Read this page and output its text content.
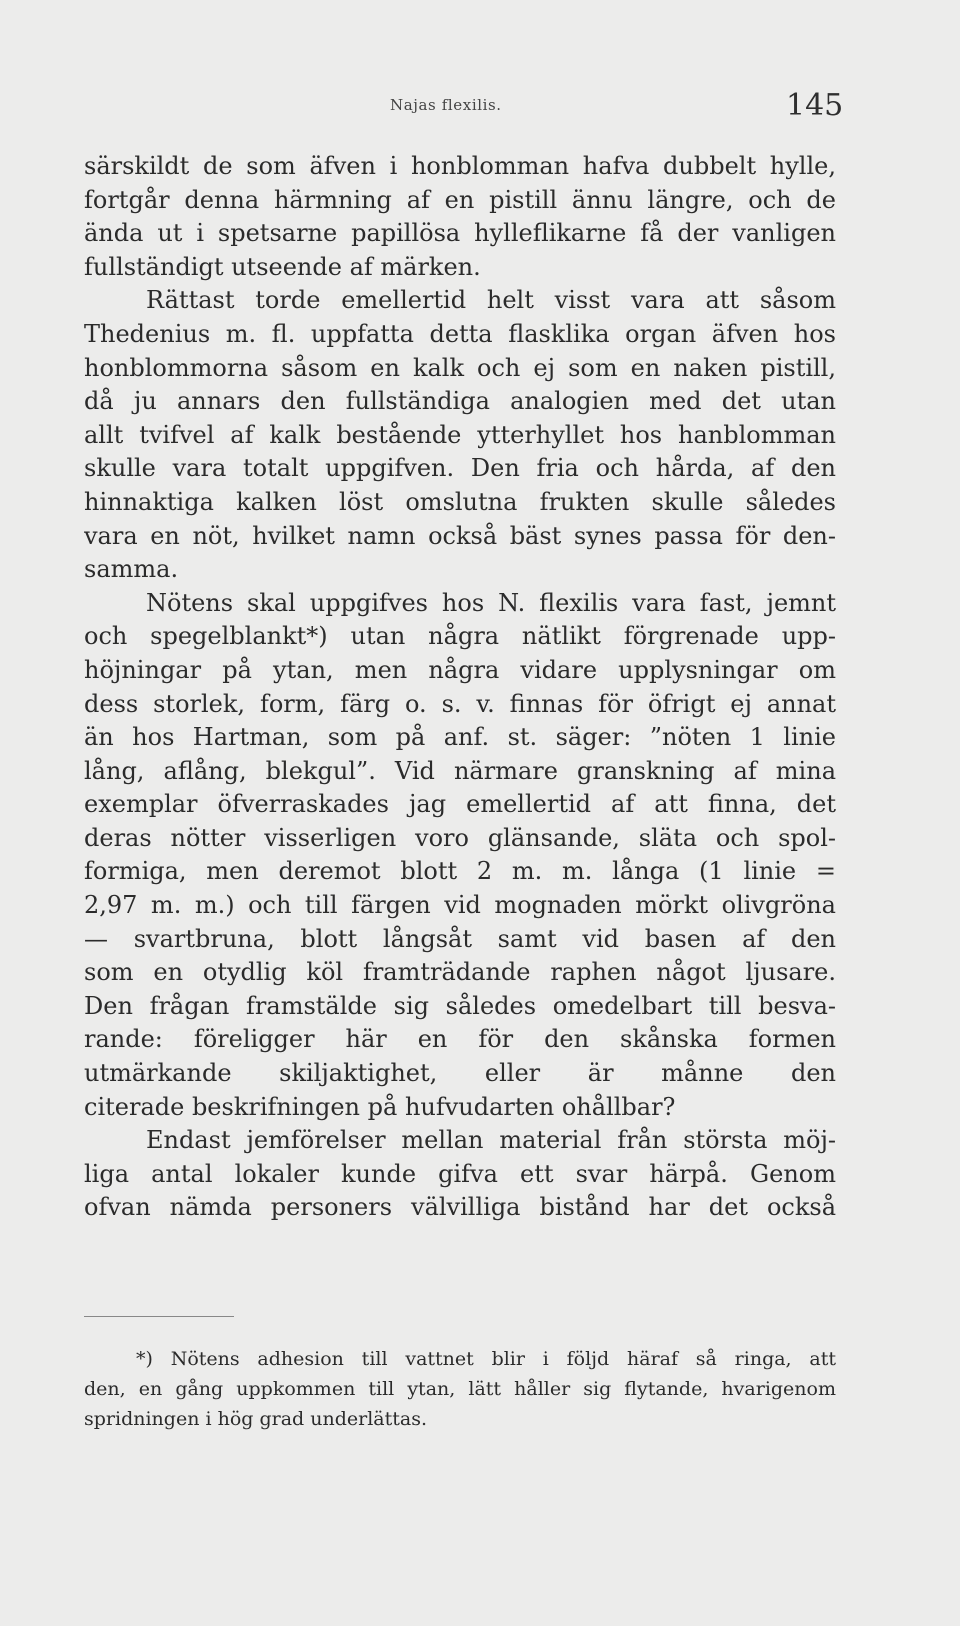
Najas flexilis.	145
särskildt de som äfven i honblomman hafva dubbelt hylle,
fortgår denna härmning af en pistill ännu längre, och de
ända ut i spetsarne papillösa hylleflikarne få der vanligen
fullständigt utseende af märken.
Rättast torde emellertid helt visst vara att såsom
Thedenius m. fl. uppfatta detta flasklika organ äfven hos
honblommorna såsom en kalk och ej som en naken pistill,
då ju annars den fullständiga analogien med det utan
allt tvifvel af kalk bestående ytterhyllet hos hanblomman
skulle vara totalt uppgifven. Den fria och hårda, af den
hinnaktiga kalken löst omslutna frukten skulle således
vara en nöt, hvilket namn också bäst synes passa för den-
samma.
Nötens skal uppgifves hos N. flexilis vara fast, jemnt
och spegelblankt*) utan några nätlikt förgrenade upp-
höjningar på ytan, men några vidare upplysningar om
dess storlek, form, färg o. s. v. finnas för öfrigt ej annat
än hos Hartman, som på anf. st. säger: ”nöten 1 linie
lång, aflång, blekgul”. Vid närmare granskning af mina
exemplar öfverraskades jag emellertid af att finna, det
deras nötter visserligen voro glänsande, släta och spol-
formiga, men deremot blott 2 m. m. långa (1 linie =
2,97 m. m.) och till färgen vid mognaden mörkt olivgröna
— svartbruna, blott långsåt samt vid basen af den
som en otydlig köl framträdande raphen något ljusare.
Den frågan framstälde sig således omedelbart till besva-
rande: föreligger här en för den skånska formen
utmärkande skiljaktighet, eller är månne den
citerade beskrifningen på hufvudarten ohållbar?
Endast jemförelser mellan material från största möj-
liga antal lokaler kunde gifva ett svar härpå. Genom
ofvan nämda personers välvilliga bistånd har det också
*) Nötens adhesion till vattnet blir i följd häraf så ringa, att
den, en gång uppkommen till ytan, lätt håller sig flytande, hvarigenom
spridningen i hög grad underlättas.
